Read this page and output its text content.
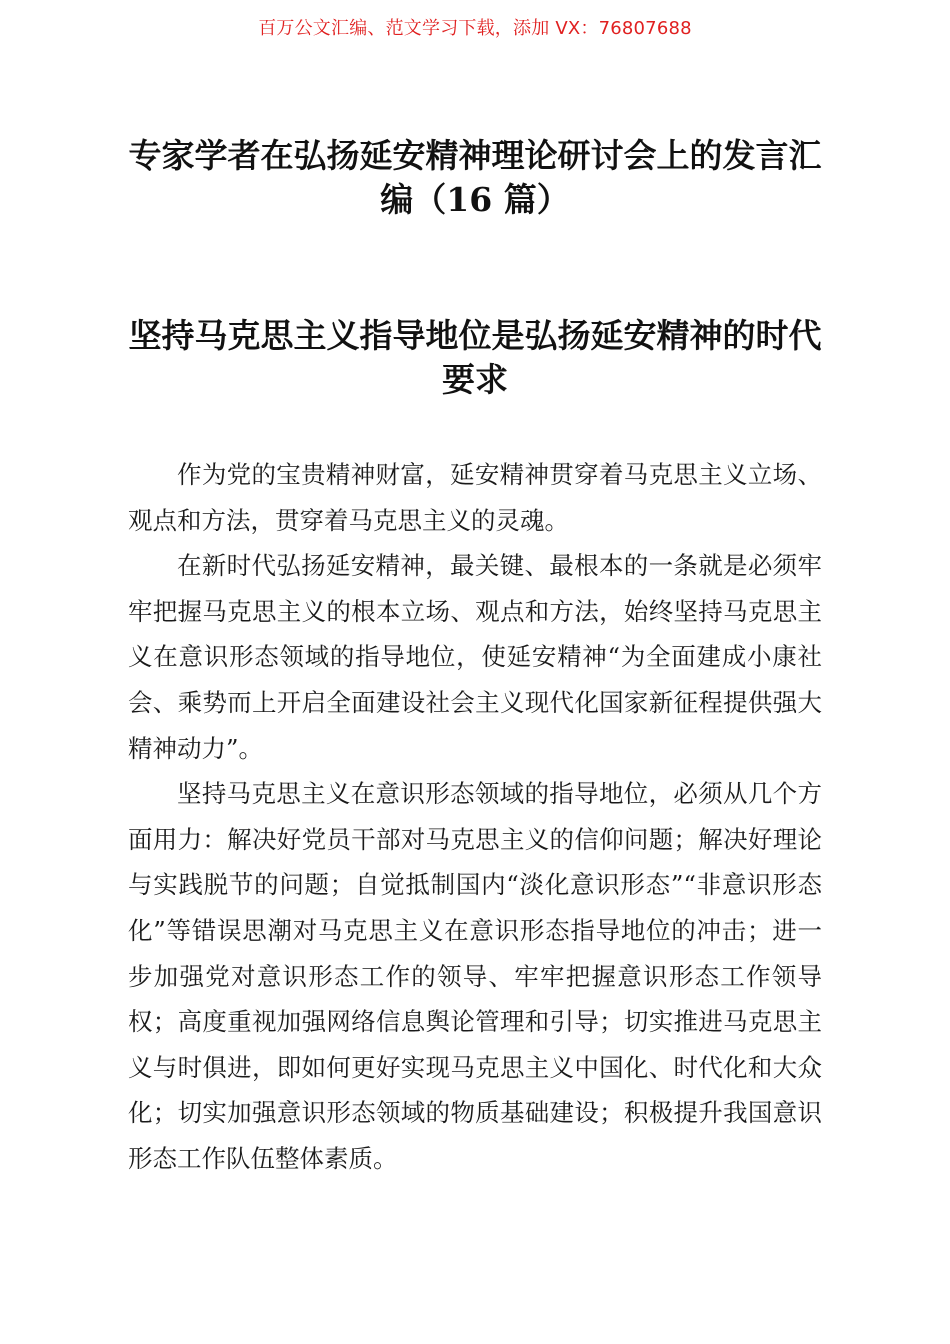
百万公文汇编、范文学习下载，添加 VX：76807688
专家学者在弘扬延安精神理论研讨会上的发言汇编（16 篇）
坚持马克思主义指导地位是弘扬延安精神的时代要求

作为党的宝贵精神财富，延安精神贯穿着马克思主义立场、观点和方法，贯穿着马克思主义的灵魂。

在新时代弘扬延安精神，最关键、最根本的一条就是必须牢牢把握马克思主义的根本立场、观点和方法，始终坚持马克思主义在意识形态领域的指导地位，使延安精神“为全面建成小康社会、乘势而上开启全面建设社会主义现代化国家新征程提供强大精神动力”。

坚持马克思主义在意识形态领域的指导地位，必须从几个方面用力：解决好党员干部对马克思主义的信仰问题；解决好理论与实践脱节的问题；自觉抵制国内“淡化意识形态”“非意识形态化”等错误思潮对马克思主义在意识形态指导地位的冲击；进一步加强党对意识形态工作的领导、牢牢把握意识形态工作领导权；高度重视加强网络信息舆论管理和引导；切实推进马克思主义与时俱进，即如何更好实现马克思主义中国化、时代化和大众化；切实加强意识形态领域的物质基础建设；积极提升我国意识形态工作队伍整体素质。
